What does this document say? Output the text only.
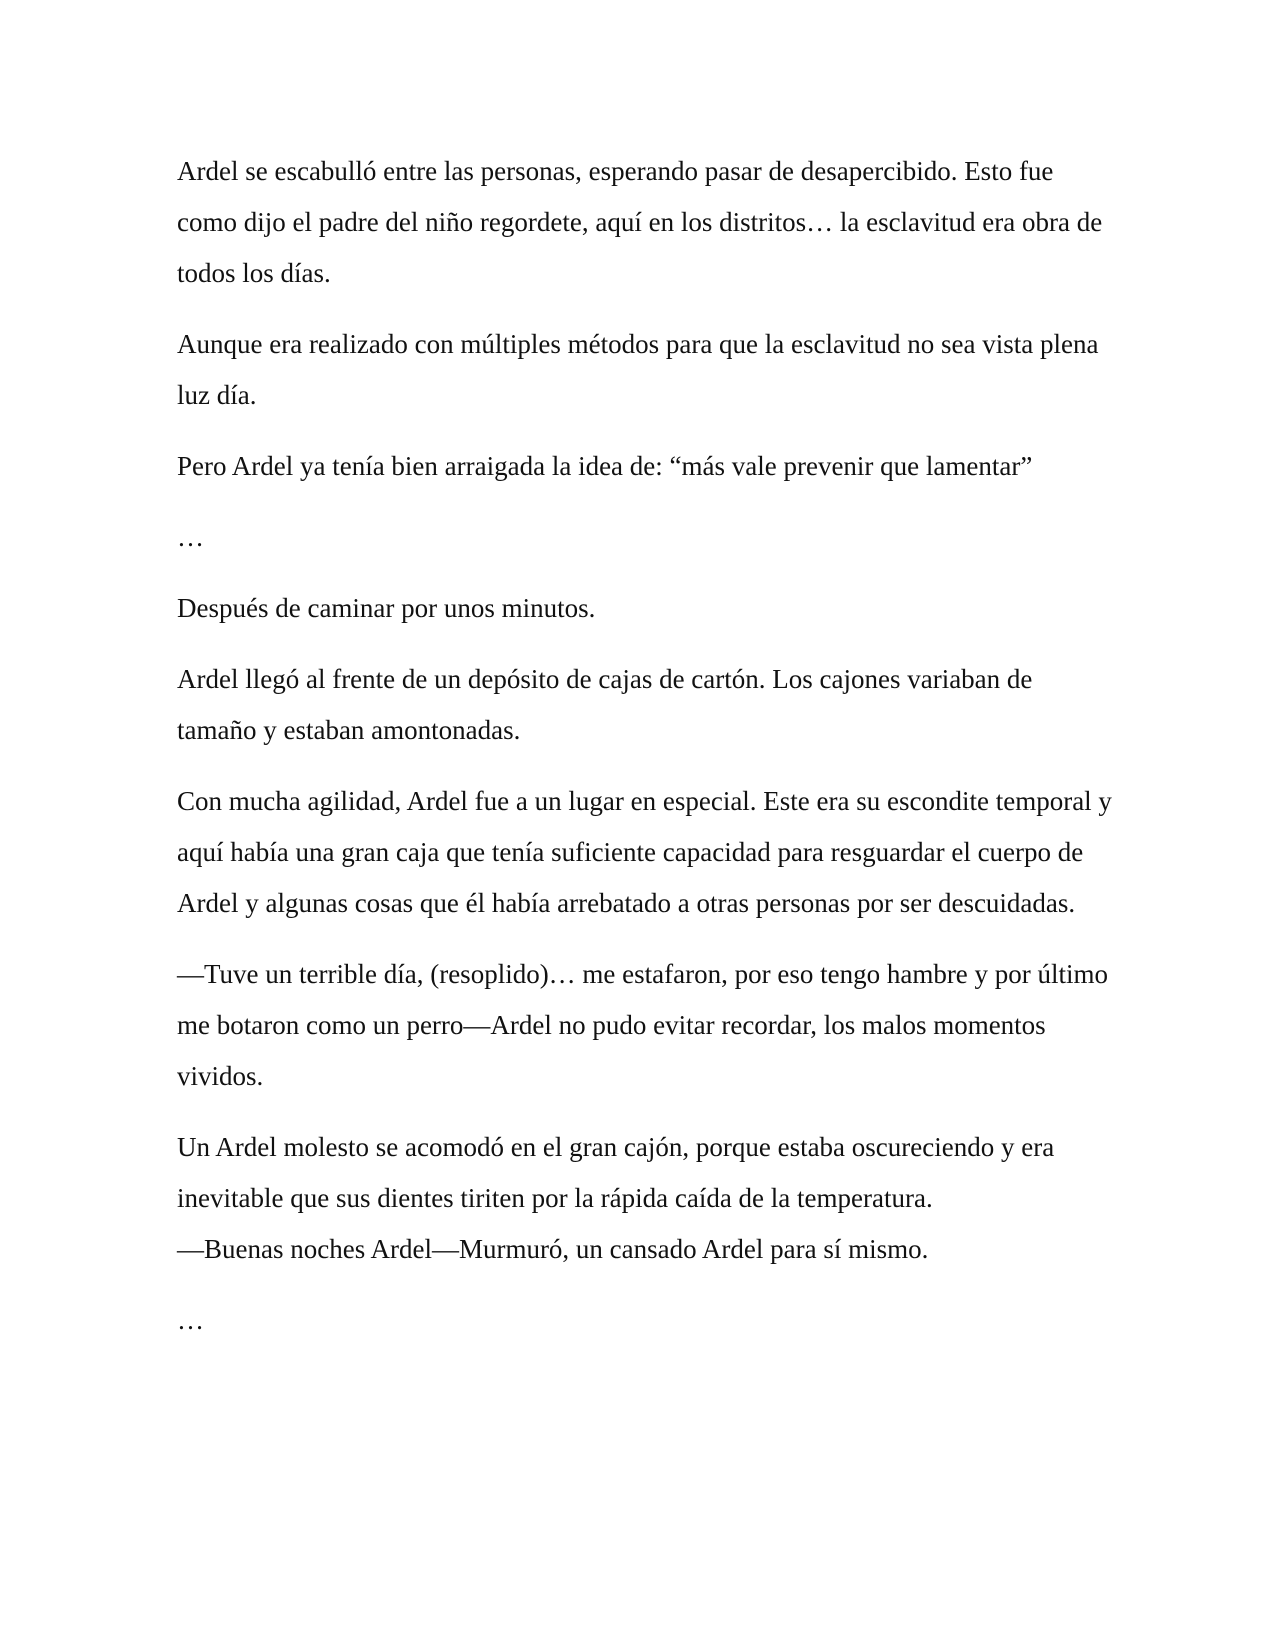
Ardel se escabulló entre las personas, esperando pasar de desapercibido. Esto fue como dijo el padre del niño regordete, aquí en los distritos… la esclavitud era obra de todos los días.

Aunque era realizado con múltiples métodos para que la esclavitud no sea vista plena luz día.

Pero Ardel ya tenía bien arraigada la idea de: “más vale prevenir que lamentar”

…

Después de caminar por unos minutos.

Ardel llegó al frente de un depósito de cajas de cartón. Los cajones variaban de tamaño y estaban amontonadas.

Con mucha agilidad, Ardel fue a un lugar en especial. Este era su escondite temporal y aquí había una gran caja que tenía suficiente capacidad para resguardar el cuerpo de Ardel y algunas cosas que él había arrebatado a otras personas por ser descuidadas.

—Tuve un terrible día, (resoplido)… me estafaron, por eso tengo hambre y por último me botaron como un perro—Ardel no pudo evitar recordar, los malos momentos vividos.

Un Ardel molesto se acomodó en el gran cajón, porque estaba oscureciendo y era inevitable que sus dientes tiriten por la rápida caída de la temperatura.

—Buenas noches Ardel—Murmuró, un cansado Ardel para sí mismo.

…
